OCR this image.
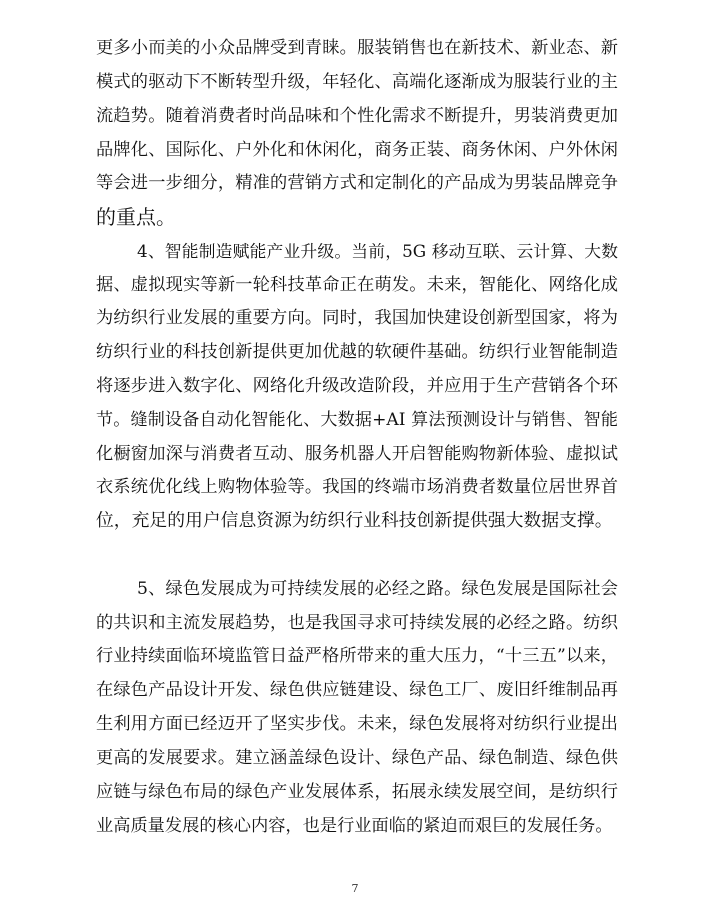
更多小而美的小众品牌受到青睐。服装销售也在新技术、新业态、新
模式的驱动下不断转型升级，年轻化、高端化逐渐成为服装行业的主
流趋势。随着消费者时尚品味和个性化需求不断提升，男装消费更加
品牌化、国际化、户外化和休闲化，商务正装、商务休闲、户外休闲
等会进一步细分，精准的营销方式和定制化的产品成为男装品牌竞争
的重点。
4、智能制造赋能产业升级。当前，5G 移动互联、云计算、大数
据、虚拟现实等新一轮科技革命正在萌发。未来，智能化、网络化成
为纺织行业发展的重要方向。同时，我国加快建设创新型国家，将为
纺织行业的科技创新提供更加优越的软硬件基础。纺织行业智能制造
将逐步进入数字化、网络化升级改造阶段，并应用于生产营销各个环
节。缝制设备自动化智能化、大数据+AI 算法预测设计与销售、智能
化橱窗加深与消费者互动、服务机器人开启智能购物新体验、虚拟试
衣系统优化线上购物体验等。我国的终端市场消费者数量位居世界首
位，充足的用户信息资源为纺织行业科技创新提供强大数据支撑。
5、绿色发展成为可持续发展的必经之路。绿色发展是国际社会
的共识和主流发展趋势，也是我国寻求可持续发展的必经之路。纺织
行业持续面临环境监管日益严格所带来的重大压力，“十三五”以来，
在绿色产品设计开发、绿色供应链建设、绿色工厂、废旧纤维制品再
生利用方面已经迈开了坚实步伐。未来，绿色发展将对纺织行业提出
更高的发展要求。建立涵盖绿色设计、绿色产品、绿色制造、绿色供
应链与绿色布局的绿色产业发展体系，拓展永续发展空间，是纺织行
业高质量发展的核心内容，也是行业面临的紧迫而艰巨的发展任务。
7
